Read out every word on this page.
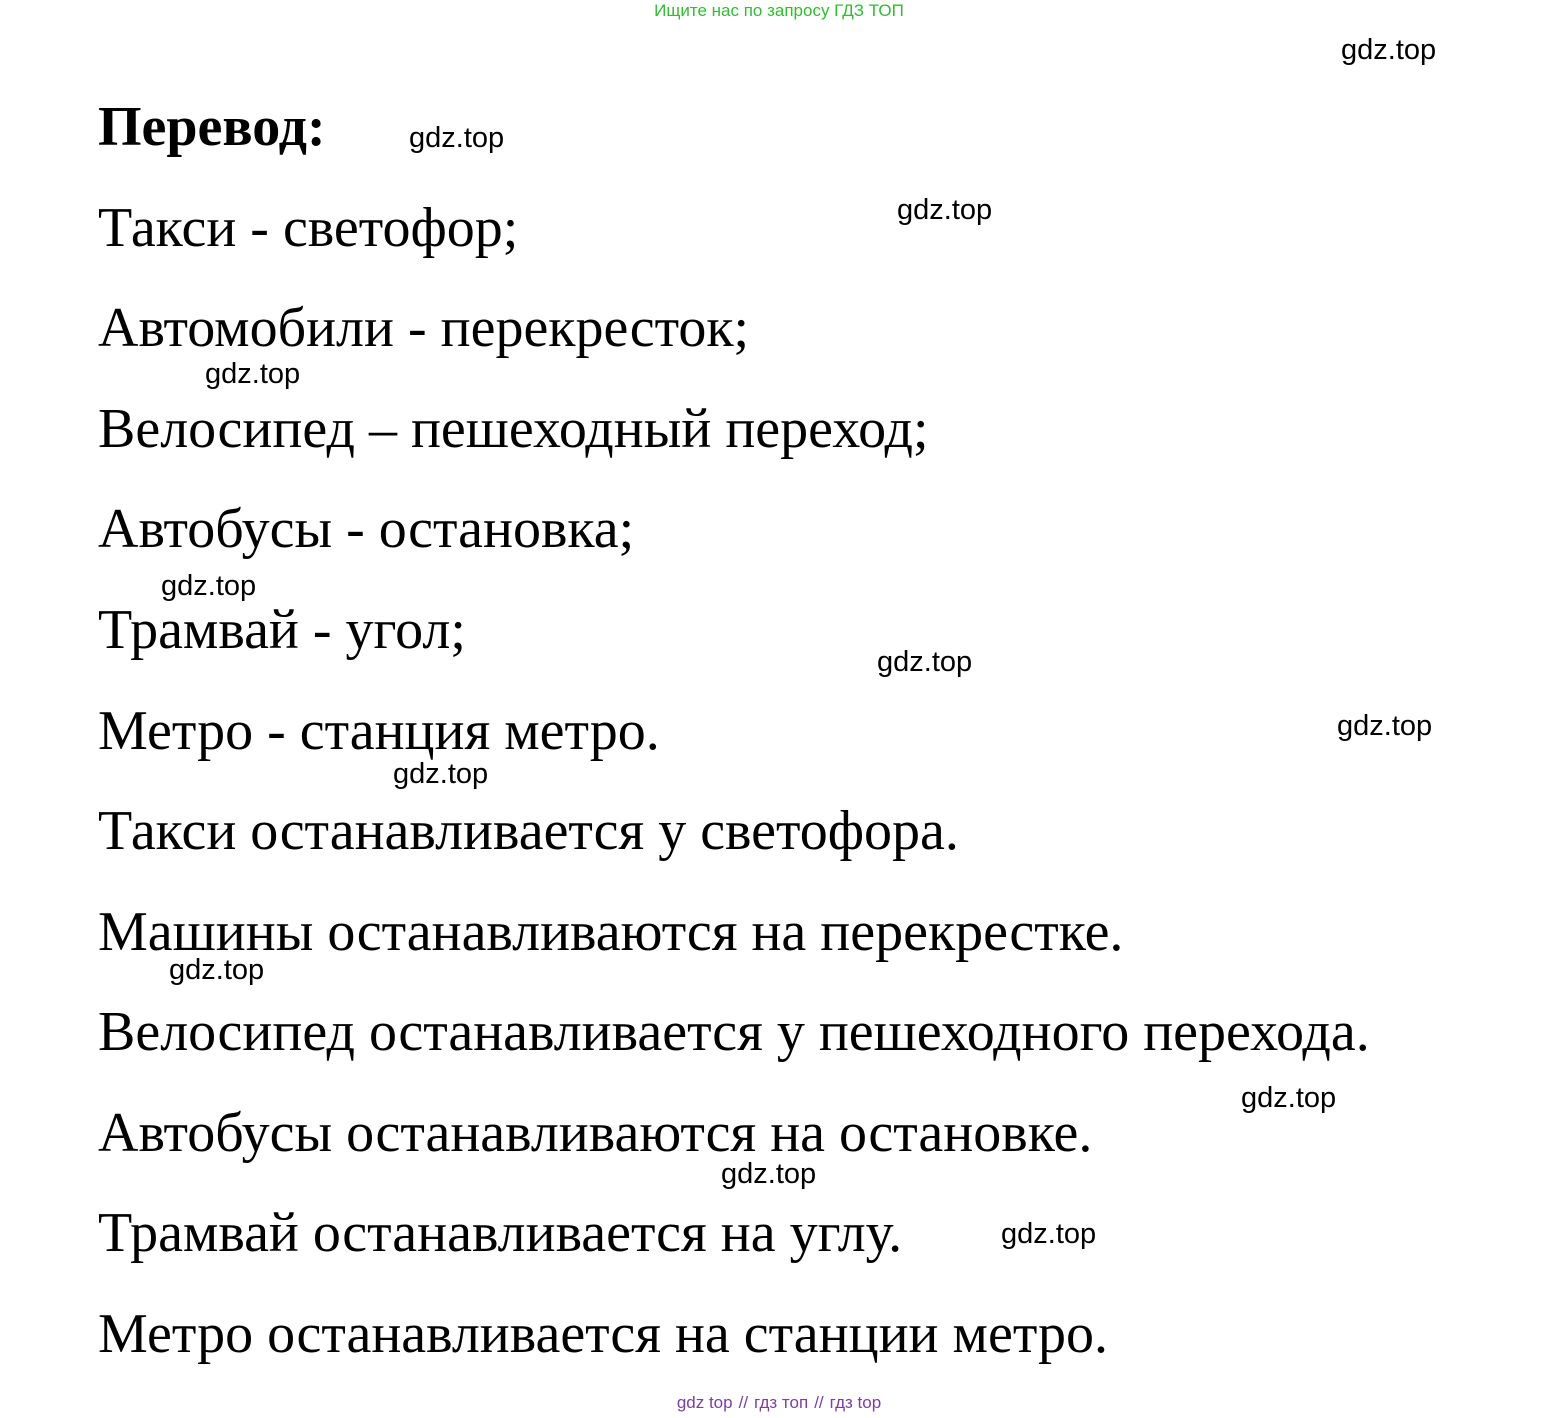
Ищите нас по запросу ГДЗ ТОП
gdz.top
Перевод:	gdz.top
gdz.top
Такси - светофор;
Автомобили - перекресток;
gdz.top
Велосипед – пешеходный переход;
Автобусы - остановка;
gdz.top
Трамвай - угол;
gdz.top
gdz.top
Метро - станция метро.
gdz.top
Такси останавливается у светофора.
Машины останавливаются на перекрестке.
gdz.top
Велосипед останавливается у пешеходного перехода.
gdz.top
Автобусы останавливаются на остановке.
gdz.top
gdz.top
Трамвай останавливается на углу.
Метро останавливается на станции метро.
gdz top // гдз топ // гдз top
